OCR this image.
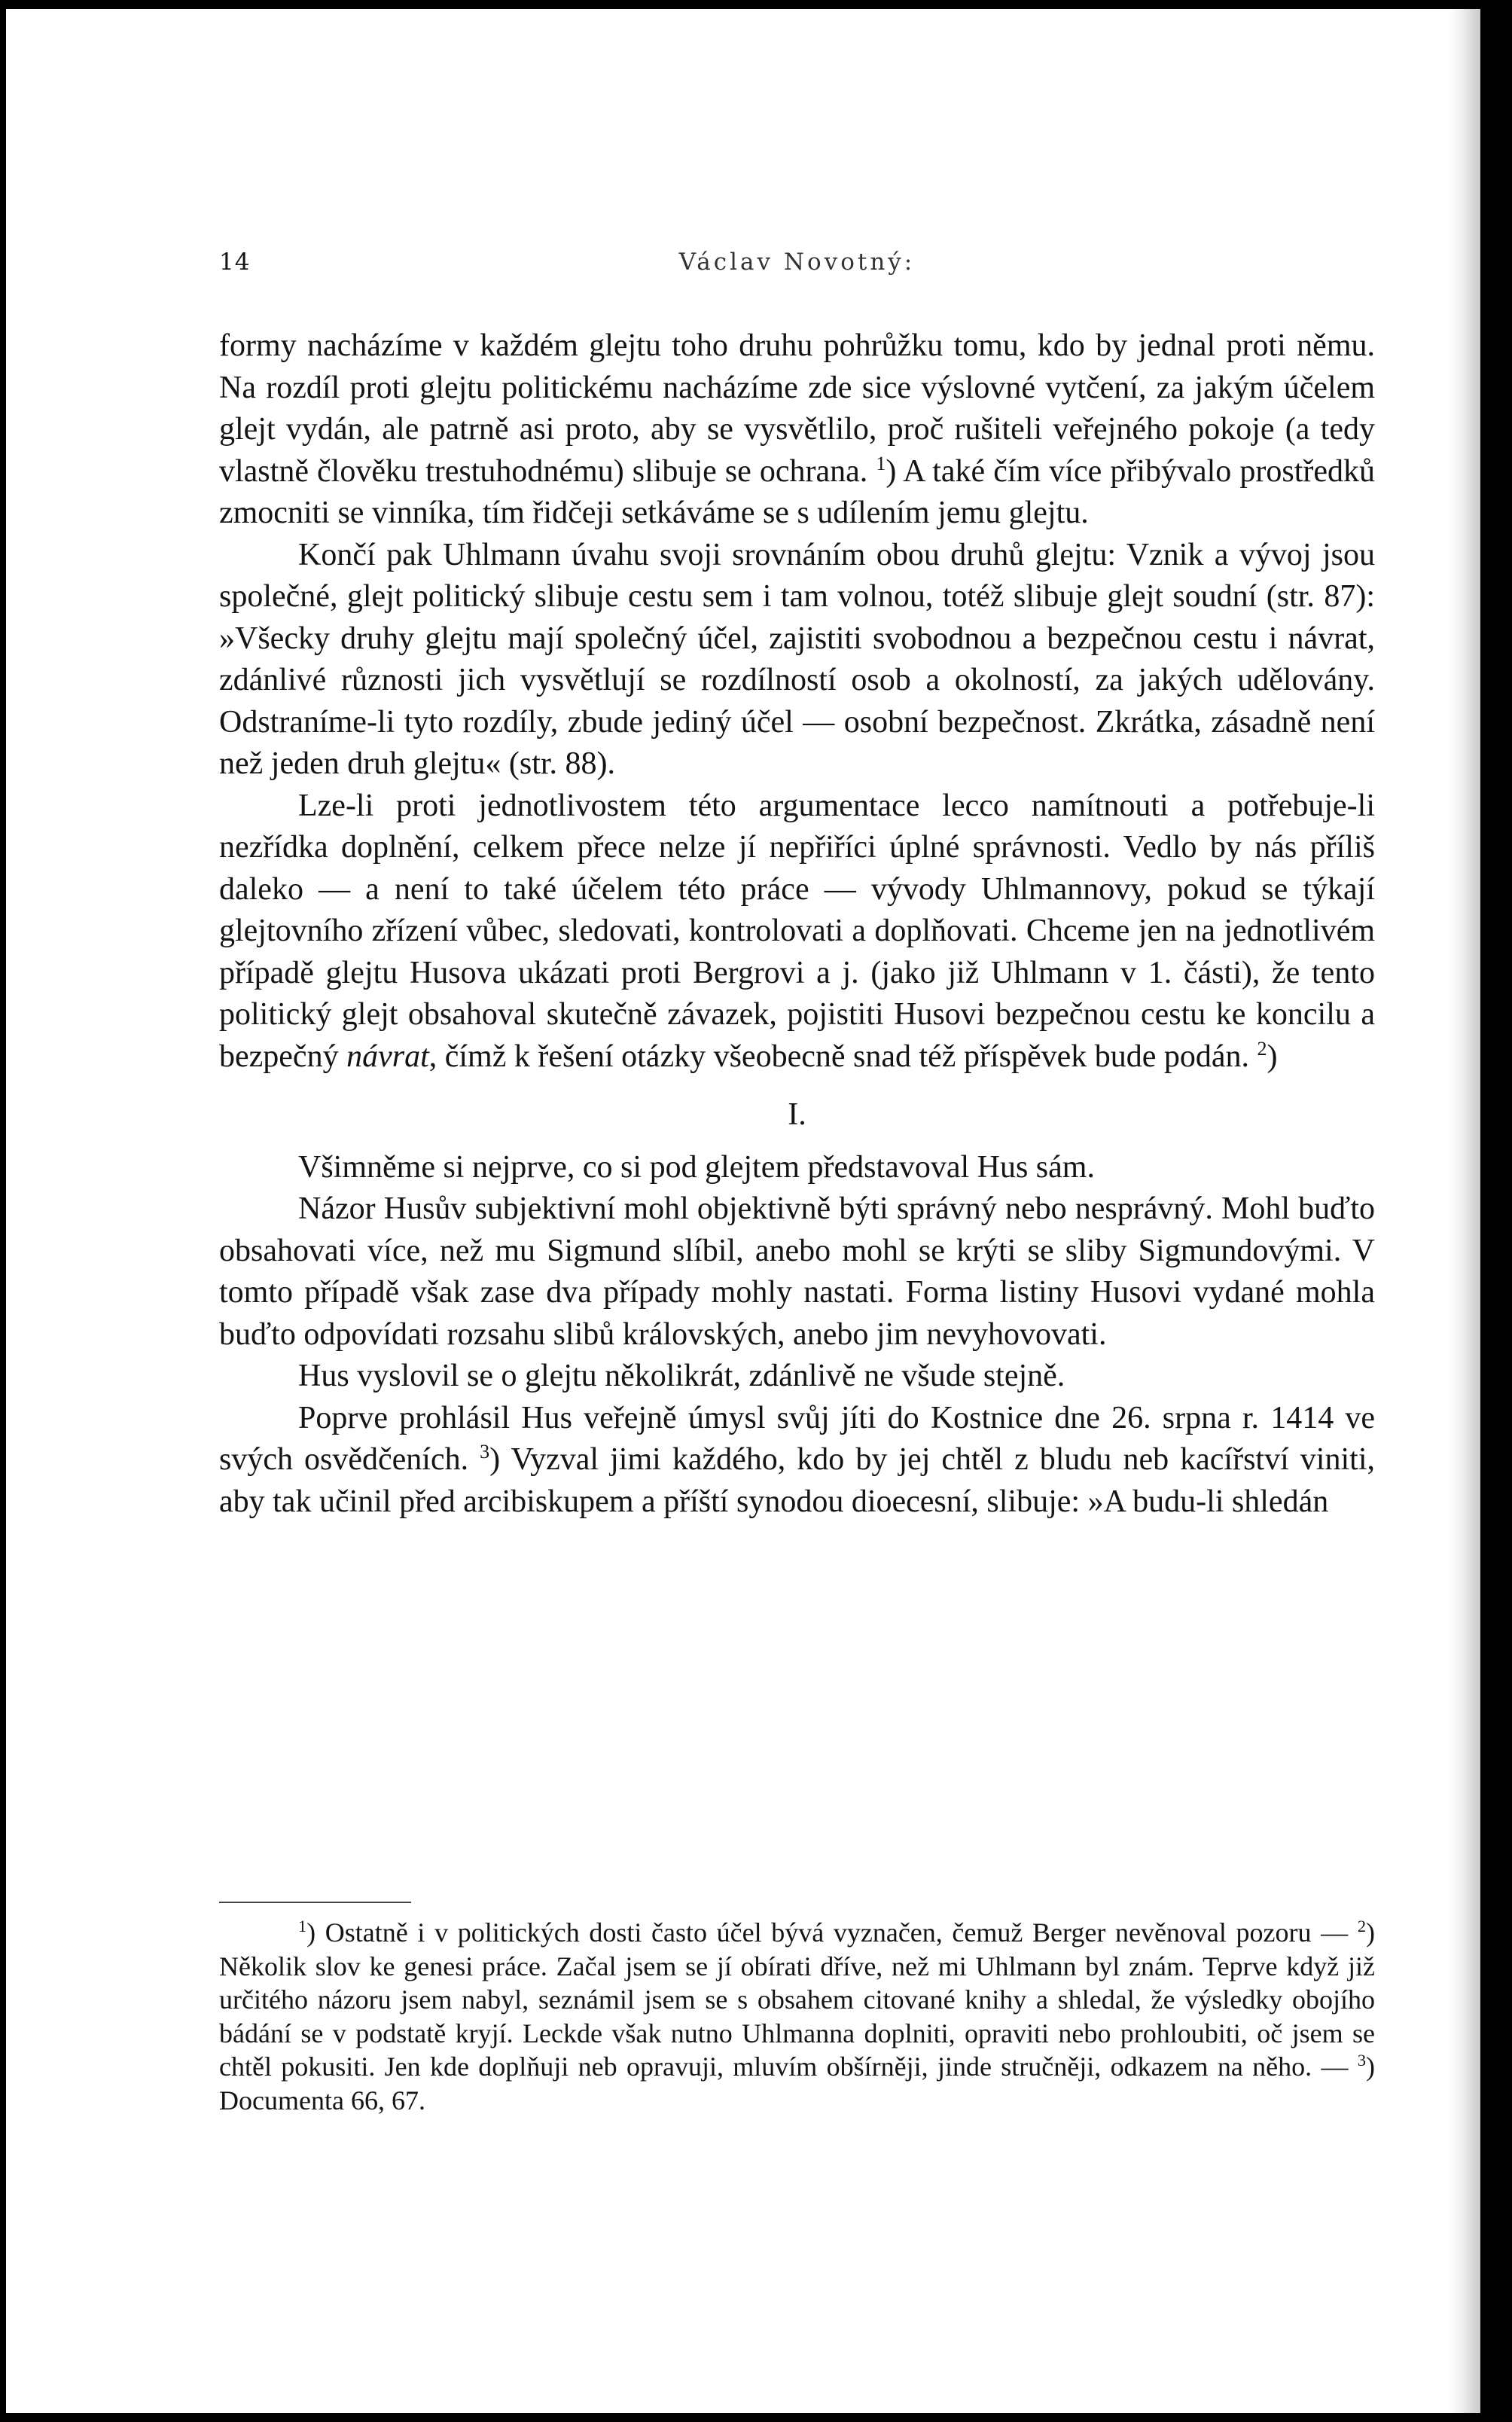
14	Václav Novotný:

formy nacházíme v každém glejtu toho druhu pohrůžku tomu, kdo by jednal proti němu. Na rozdíl proti glejtu politickému nacházíme zde sice výslovné vytčení, za jakým účelem glejt vydán, ale patrně asi proto, aby se vysvětlilo, proč rušiteli veřejného pokoje (a tedy vlastně člověku trestuhodnému) slibuje se ochrana. $^1$) A také čím více přibývalo prostředků zmocniti se vinníka, tím řidčeji setkáváme se s udílením jemu glejtu.

Končí pak Uhlmann úvahu svoji srovnáním obou druhů glejtu: Vznik a vývoj jsou společné, glejt politický slibuje cestu sem i tam volnou, totéž slibuje glejt soudní (str. 87): »Všecky druhy glejtu mají společný účel, zajistiti svobodnou a bezpečnou cestu i návrat, zdánlivé různosti jich vysvětlují se rozdílností osob a okolností, za jakých udělovány. Odstraníme-li tyto rozdíly, zbude jediný účel — osobní bezpečnost. Zkrátka, zásadně není než jeden druh glejtu« (str. 88).

Lze-li proti jednotlivostem této argumentace lecco namítnouti a potřebuje-li nezřídka doplnění, celkem přece nelze jí nepřiříci úplné správnosti. Vedlo by nás příliš daleko — a není to také účelem této práce — vývody Uhlmannovy, pokud se týkají glejtovního zřízení vůbec, sledovati, kontrolovati a doplňovati. Chceme jen na jednotlivém případě glejtu Husova ukázati proti Bergrovi a j. (jako již Uhlmann v 1. části), že tento politický glejt obsahoval skutečně závazek, pojistiti Husovi bezpečnou cestu ke koncilu a bezpečný návrat, čímž k řešení otázky všeobecně snad též příspěvek bude podán. $^2$)

I.

Všimněme si nejprve, co si pod glejtem představoval Hus sám.

Názor Husův subjektivní mohl objektivně býti správný nebo nesprávný. Mohl buďto obsahovati více, než mu Sigmund slíbil, anebo mohl se krýti se sliby Sigmundovými. V tomto případě však zase dva případy mohly nastati. Forma listiny Husovi vydané mohla buďto odpovídati rozsahu slibů královských, anebo jim nevyhovovati.

Hus vyslovil se o glejtu několikrát, zdánlivě ne všude stejně.

Poprve prohlásil Hus veřejně úmysl svůj jíti do Kostnice dne 26. srpna r. 1414 ve svých osvědčeních. $^3$) Vyzval jimi každého, kdo by jej chtěl z bludu neb kacířství viniti, aby tak učinil před arcibiskupem a příští synodou dioecesní, slibuje: »A budu-li shledán

$^1$) Ostatně i v politických dosti často účel bývá vyznačen, čemuž Berger nevěnoval pozoru — $^2$) Několik slov ke genesi práce. Začal jsem se jí obírati dříve, než mi Uhlmann byl znám. Teprve když již určitého názoru jsem nabyl, seznámil jsem se s obsahem citované knihy a shledal, že výsledky obojího bádání se v podstatě kryjí. Leckde však nutno Uhlmanna doplniti, opraviti nebo prohloubiti, oč jsem se chtěl pokusiti. Jen kde doplňuji neb opravuji, mluvím obšírněji, jinde stručněji, odkazem na něho. — $^3$) Documenta 66, 67.
